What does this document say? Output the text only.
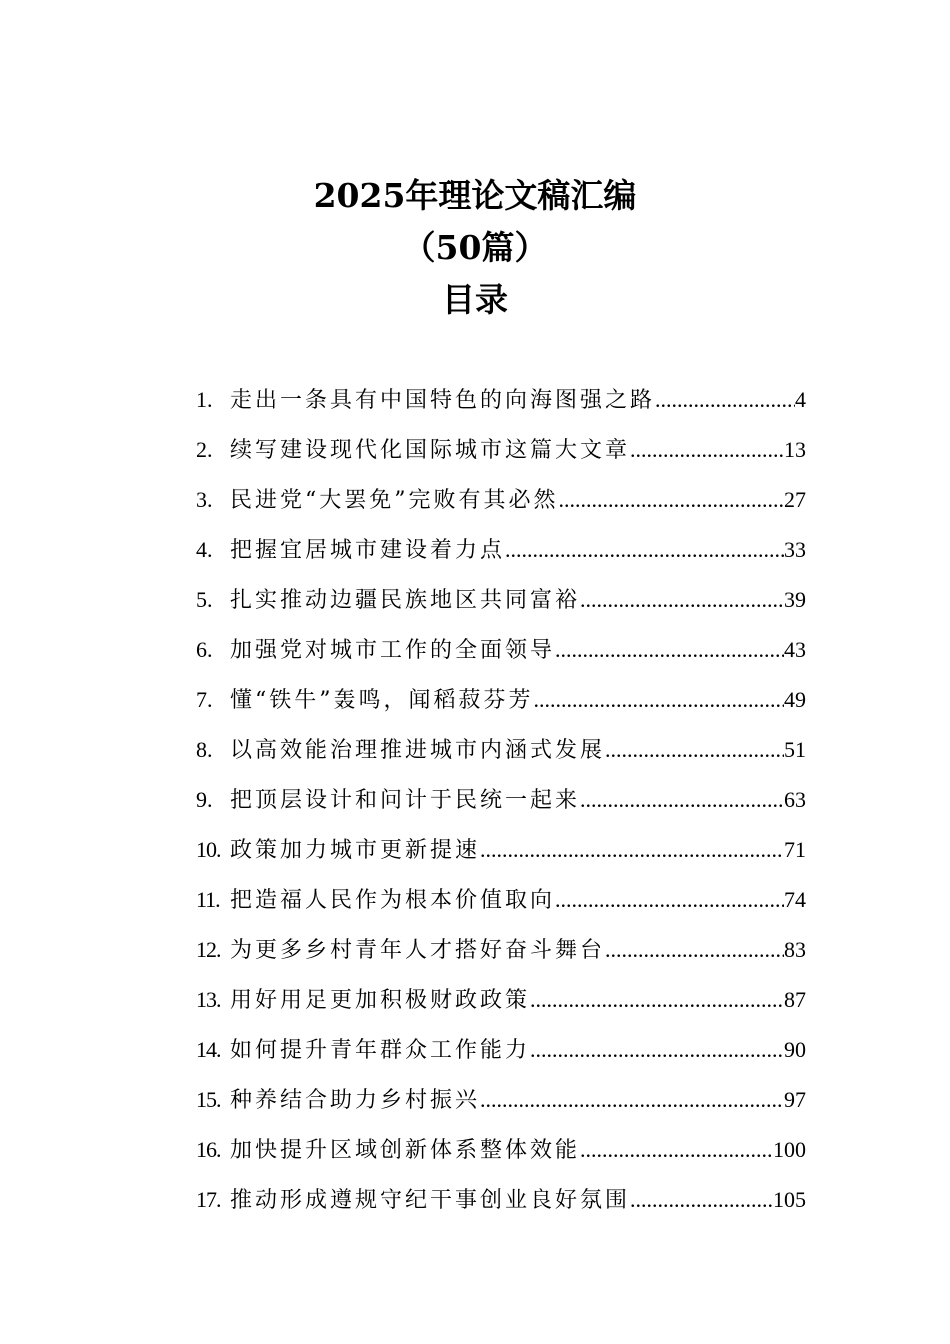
2025年理论文稿汇编
（50篇）
目录
1. 走出一条具有中国特色的向海图强之路 .....	4
2. 续写建设现代化国际城市这篇大文章 .....	13
3. 民进党“大罢免”完败有其必然 .....	27
4. 把握宜居城市建设着力点 .....	33
5. 扎实推动边疆民族地区共同富裕 .....	39
6. 加强党对城市工作的全面领导 .....	43
7. 懂“铁牛”轰鸣，闻稻菽芬芳 .....	49
8. 以高效能治理推进城市内涵式发展 .....	51
9. 把顶层设计和问计于民统一起来 .....	63
10. 政策加力城市更新提速 .....	71
11. 把造福人民作为根本价值取向 .....	74
12. 为更多乡村青年人才搭好奋斗舞台 .....	83
13. 用好用足更加积极财政政策 .....	87
14. 如何提升青年群众工作能力 .....	90
15. 种养结合助力乡村振兴 .....	97
16. 加快提升区域创新体系整体效能 .....	100
17. 推动形成遵规守纪干事创业良好氛围 .....	105
